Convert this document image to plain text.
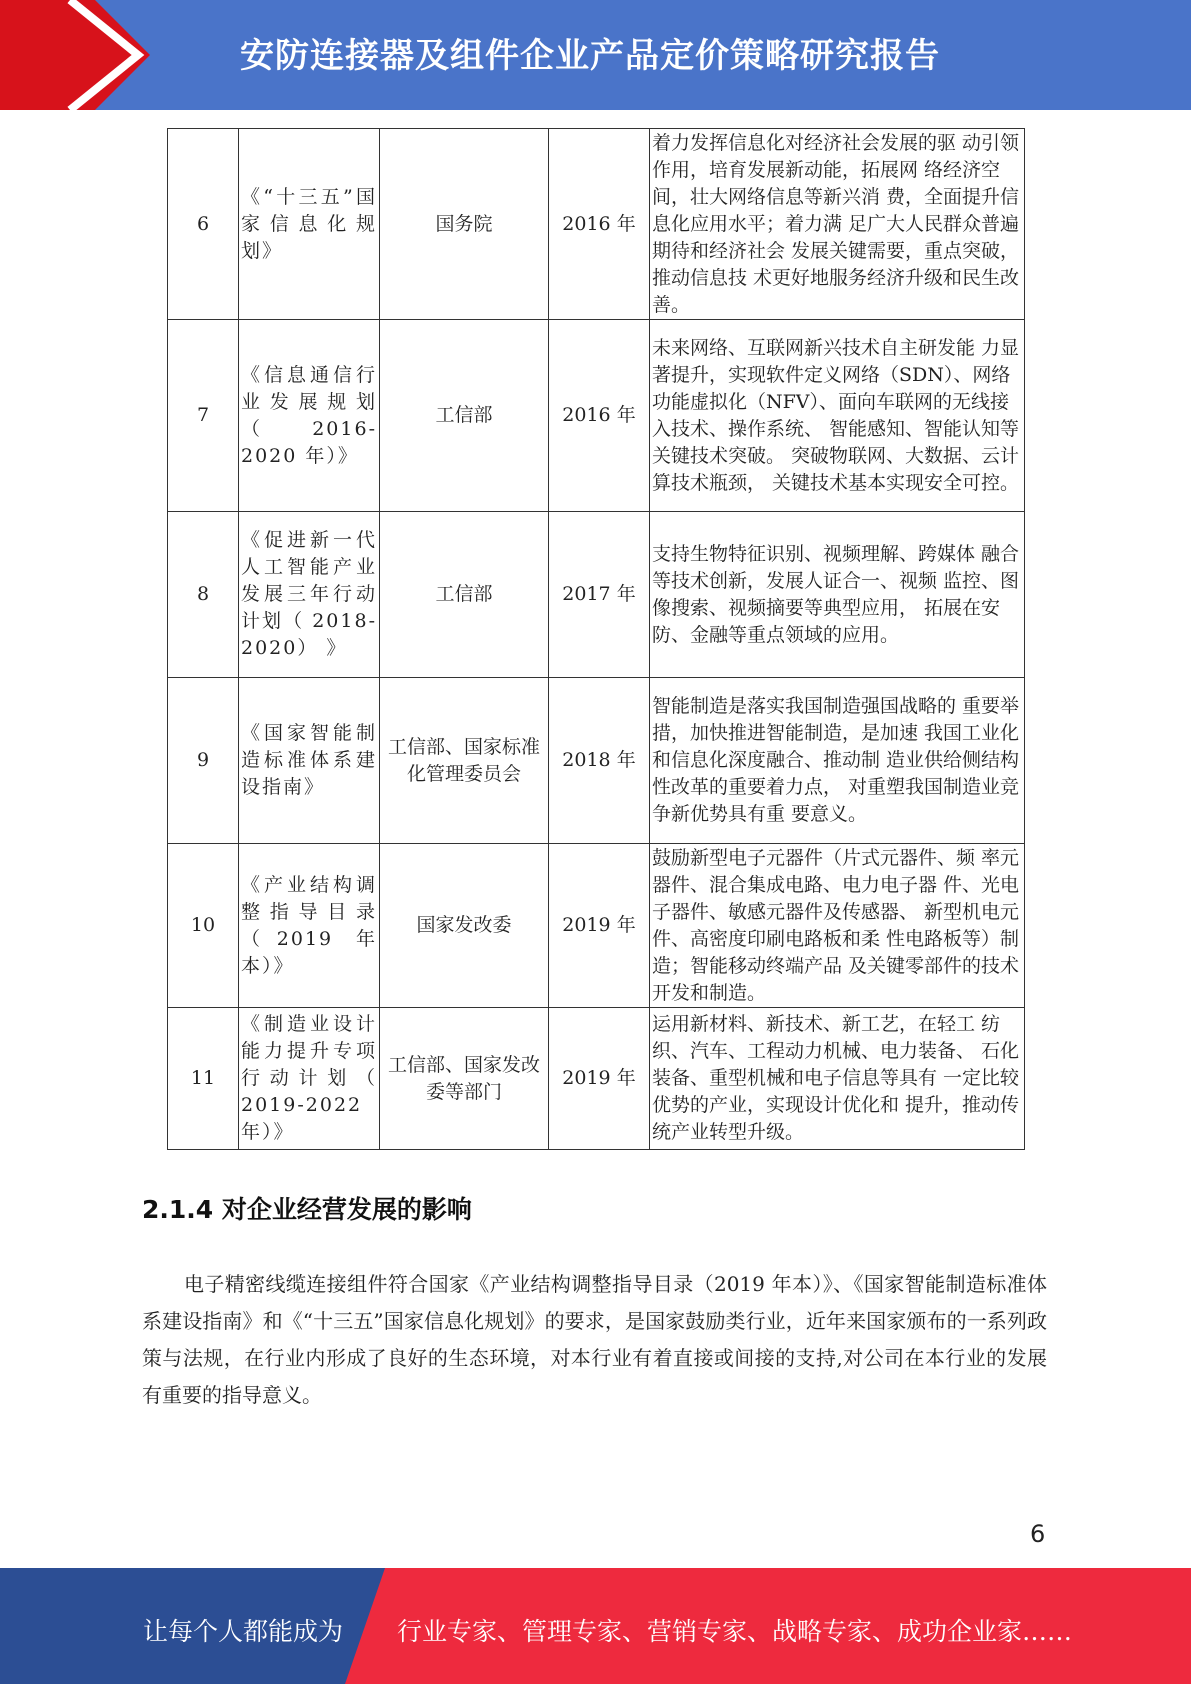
安防连接器及组件企业产品定价策略研究报告
6	《“十三五”国家信息化规划》	国务院	2016 年	着力发挥信息化对经济社会发展的驱 动引领作用，培育发展新动能，拓展网 络经济空间，壮大网络信息等新兴消 费，全面提升信息化应用水平；着力满 足广大人民群众普遍期待和经济社会 发展关键需要，重点突破，推动信息技 术更好地服务经济升级和民生改善。
7	《信息通信行业发展规划（2016-2020 年）》	工信部	2016 年	未来网络、互联网新兴技术自主研发能 力显著提升，实现软件定义网络（SDN）、网络功能虚拟化（NFV）、面向车联网的无线接入技术、操作系统、 智能感知、智能认知等关键技术突破。 突破物联网、大数据、云计算技术瓶颈， 关键技术基本实现安全可控。
8	《促进新一代人工智能产业发展三年行动计划（ 2018-2020） 》	工信部	2017 年	支持生物特征识别、视频理解、跨媒体 融合等技术创新，发展人证合一、视频 监控、图像搜索、视频摘要等典型应用， 拓展在安防、金融等重点领域的应用。
9	《国家智能制造标准体系建设指南》	工信部、国家标准化管理委员会	2018 年	智能制造是落实我国制造强国战略的 重要举措，加快推进智能制造，是加速 我国工业化和信息化深度融合、推动制 造业供给侧结构性改革的重要着力点， 对重塑我国制造业竞争新优势具有重 要意义。
10	《产业结构调整指导目录（2019 年本）》	国家发改委	2019 年	鼓励新型电子元器件（片式元器件、频 率元器件、混合集成电路、电力电子器 件、光电子器件、敏感元器件及传感器、 新型机电元件、高密度印刷电路板和柔 性电路板等）制造；智能移动终端产品 及关键零部件的技术开发和制造。
11	《制造业设计能力提升专项行动计划（ 2019-2022 年）》	工信部、国家发改委等部门	2019 年	运用新材料、新技术、新工艺，在轻工 纺织、汽车、工程动力机械、电力装备、 石化装备、重型机械和电子信息等具有 一定比较优势的产业，实现设计优化和 提升，推动传统产业转型升级。
2.1.4 对企业经营发展的影响

电子精密线缆连接组件符合国家《产业结构调整指导目录（2019 年本）》、《国家智能制造标准体系建设指南》和《“十三五”国家信息化规划》的要求，是国家鼓励类行业，近年来国家颁布的一系列政策与法规，在行业内形成了良好的生态环境，对本行业有着直接或间接的支持,对公司在本行业的发展有重要的指导意义。

6
让每个人都能成为 行业专家、管理专家、营销专家、战略专家、成功企业家……
